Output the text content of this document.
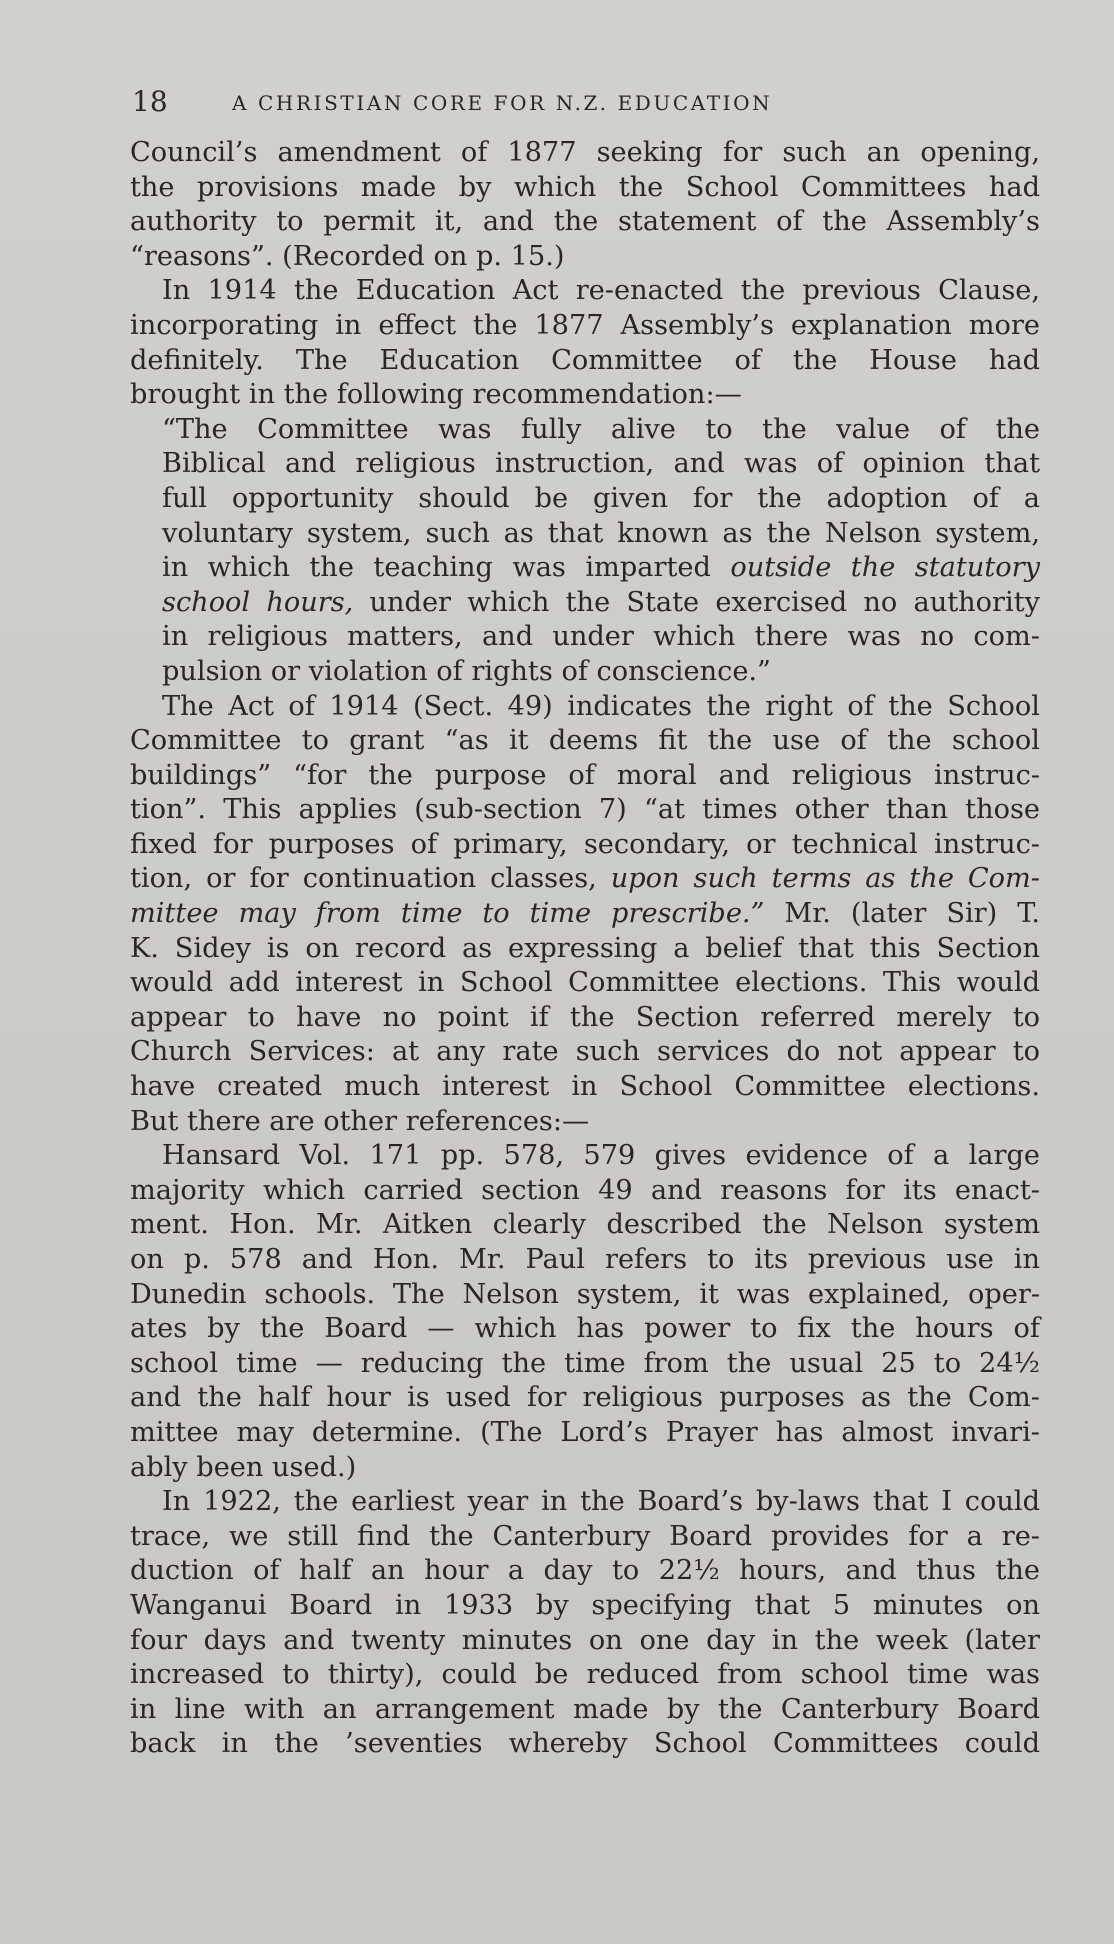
18	A CHRISTIAN CORE FOR N.Z. EDUCATION
Council’s amendment of 1877 seeking for such an opening,
the provisions made by which the School Committees had
authority to permit it, and the statement of the Assembly’s
“reasons”. (Recorded on p. 15.)
In 1914 the Education Act re-enacted the previous Clause,
incorporating in effect the 1877 Assembly’s explanation more
definitely. The Education Committee of the House had
brought in the following recommendation:—
“The Committee was fully alive to the value of the
Biblical and religious instruction, and was of opinion that
full opportunity should be given for the adoption of a
voluntary system, such as that known as the Nelson system,
in which the teaching was imparted outside the statutory
school hours, under which the State exercised no authority
in religious matters, and under which there was no com-
pulsion or violation of rights of conscience.”
The Act of 1914 (Sect. 49) indicates the right of the School
Committee to grant “as it deems fit the use of the school
buildings” “for the purpose of moral and religious instruc-
tion”. This applies (sub-section 7) “at times other than those
fixed for purposes of primary, secondary, or technical instruc-
tion, or for continuation classes, upon such terms as the Com-
mittee may from time to time prescribe.” Mr. (later Sir) T.
K. Sidey is on record as expressing a belief that this Section
would add interest in School Committee elections. This would
appear to have no point if the Section referred merely to
Church Services: at any rate such services do not appear to
have created much interest in School Committee elections.
But there are other references:—
Hansard Vol. 171 pp. 578, 579 gives evidence of a large
majority which carried section 49 and reasons for its enact-
ment. Hon. Mr. Aitken clearly described the Nelson system
on p. 578 and Hon. Mr. Paul refers to its previous use in
Dunedin schools. The Nelson system, it was explained, oper-
ates by the Board — which has power to fix the hours of
school time — reducing the time from the usual 25 to 24½
and the half hour is used for religious purposes as the Com-
mittee may determine. (The Lord’s Prayer has almost invari-
ably been used.)
In 1922, the earliest year in the Board’s by-laws that I could
trace, we still find the Canterbury Board provides for a re-
duction of half an hour a day to 22½ hours, and thus the
Wanganui Board in 1933 by specifying that 5 minutes on
four days and twenty minutes on one day in the week (later
increased to thirty), could be reduced from school time was
in line with an arrangement made by the Canterbury Board
back in the ’seventies whereby School Committees could
